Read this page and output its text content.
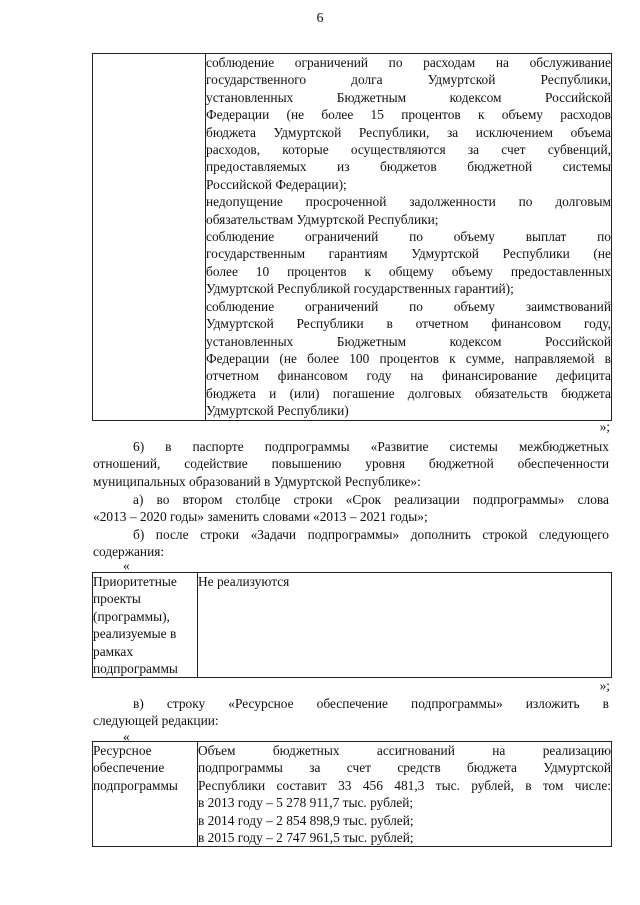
6

соблюдение ограничений по расходам на обслуживание
государственного долга Удмуртской Республики,
установленных Бюджетным кодексом Российской
Федерации (не более 15 процентов к объему расходов
бюджета Удмуртской Республики, за исключением объема
расходов, которые осуществляются за счет субвенций,
предоставляемых из бюджетов бюджетной системы
Российской Федерации);
недопущение просроченной задолженности по долговым
обязательствам Удмуртской Республики;
соблюдение ограничений по объему выплат по
государственным гарантиям Удмуртской Республики (не
более 10 процентов к общему объему предоставленных
Удмуртской Республикой государственных гарантий);
соблюдение ограничений по объему заимствований
Удмуртской Республики в отчетном финансовом году,
установленных Бюджетным кодексом Российской
Федерации (не более 100 процентов к сумме, направляемой в
отчетном финансовом году на финансирование дефицита
бюджета и (или) погашение долговых обязательств бюджета
Удмуртской Республики)
»;
6) в паспорте подпрограммы «Развитие системы межбюджетных
отношений, содействие повышению уровня бюджетной обеспеченности
муниципальных образований в Удмуртской Республике»:
а) во втором столбце строки «Срок реализации подпрограммы» слова
«2013 – 2020 годы» заменить словами «2013 – 2021 годы»;
б) после строки «Задачи подпрограммы» дополнить строкой следующего
содержания:
«
Приоритетные
проекты
(программы),
реализуемые в
рамках
подпрограммы
	Не реализуются
»;
в) строку «Ресурсное обеспечение подпрограммы» изложить в
следующей редакции:
«
Ресурсное
обеспечение
подпрограммы

Объем бюджетных ассигнований на реализацию
подпрограммы за счет средств бюджета Удмуртской
Республики составит 33 456 481,3 тыс. рублей, в том числе:
в 2013 году – 5 278 911,7 тыс. рублей;
в 2014 году – 2 854 898,9 тыс. рублей;
в 2015 году – 2 747 961,5 тыс. рублей;
